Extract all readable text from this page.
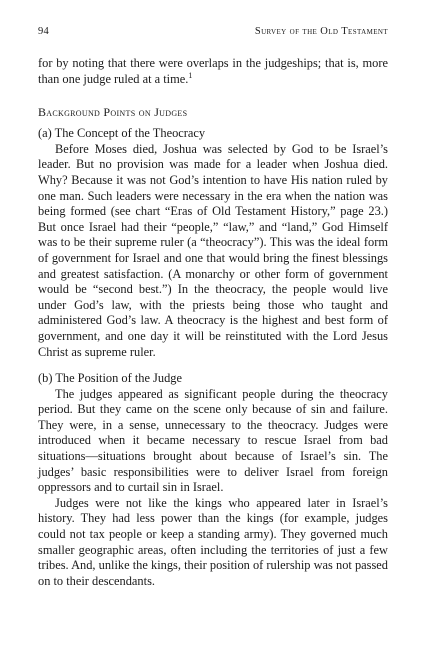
94	Survey of the Old Testament

for by noting that there were overlaps in the judgeships; that is, more than one judge ruled at a time.$^1$

Background Points on Judges
(a) The Concept of the Theocracy

Before Moses died, Joshua was selected by God to be Israel’s leader. But no provision was made for a leader when Joshua died. Why? Because it was not God’s intention to have His nation ruled by one man. Such leaders were necessary in the era when the nation was being formed (see chart “Eras of Old Testament History,” page 23.) But once Israel had their “people,” “law,” and “land,” God Himself was to be their supreme ruler (a “theocracy”). This was the ideal form of government for Israel and one that would bring the finest blessings and greatest satisfaction. (A monarchy or other form of government would be “second best.”) In the theocracy, the people would live under God’s law, with the priests being those who taught and administered God’s law. A theocracy is the highest and best form of government, and one day it will be reinstituted with the Lord Jesus Christ as supreme ruler.

(b) The Position of the Judge

The judges appeared as significant people during the theocracy period. But they came on the scene only because of sin and failure. They were, in a sense, unnecessary to the theocracy. Judges were introduced when it became necessary to rescue Israel from bad situations—situations brought about because of Israel’s sin. The judges’ basic responsibilities were to deliver Israel from foreign oppressors and to curtail sin in Israel.

Judges were not like the kings who appeared later in Israel’s history. They had less power than the kings (for example, judges could not tax people or keep a standing army). They governed much smaller geographic areas, often including the territories of just a few tribes. And, unlike the kings, their position of rulership was not passed on to their descendants.
